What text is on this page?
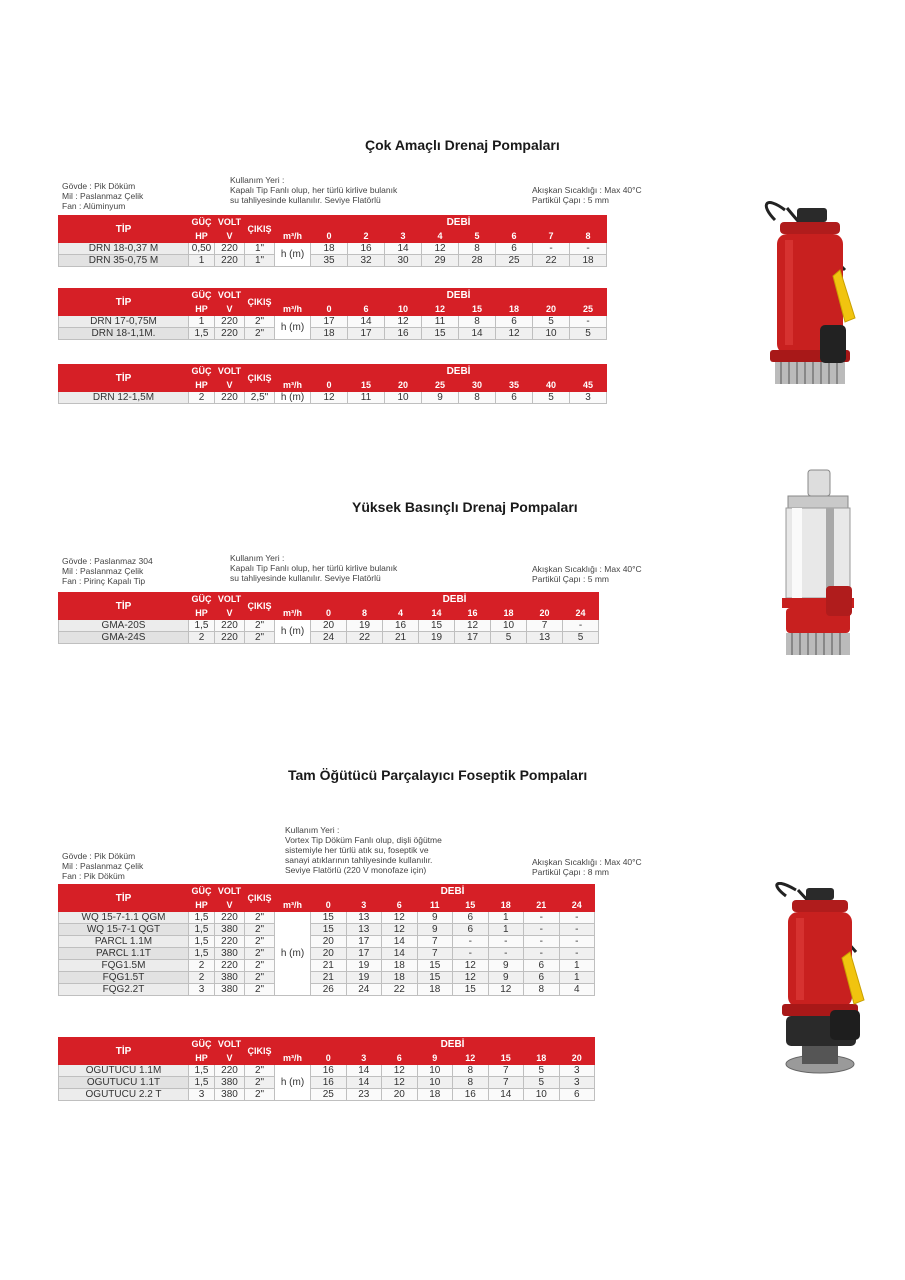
Çok Amaçlı Drenaj Pompaları
Gövde : Pik Döküm
Mil : Paslanmaz Çelik
Fan : Alüminyum
Kullanım Yeri :
Kapalı Tip Fanlı olup, her türlü kirlive bulanık
su tahliyesinde kullanılır. Seviye Flatörlü
Akışkan Sıcaklığı : Max 40°C
Partikül Çapı : 5 mm
TİP	GÜÇ	VOLT	ÇIKIŞ		DEBİ							
	HP	V		m³/h	0	2	3	4	5	6	7	8
DRN 18-0,37 M	0,50	220	1"	h (m)	18	16	14	12	8	6	-	-
DRN 35-0,75 M	1	220	1"		35	32	30	29	28	25	22	18
TİP	GÜÇ	VOLT	ÇIKIŞ		DEBİ							
	HP	V		m³/h	0	6	10	12	15	18	20	25
DRN 17-0,75M	1	220	2"	h (m)	17	14	12	11	8	6	5	-
DRN 18-1,1M.	1,5	220	2"		18	17	16	15	14	12	10	5
TİP	GÜÇ	VOLT	ÇIKIŞ		DEBİ							
	HP	V		m³/h	0	15	20	25	30	35	40	45
DRN 12-1,5M	2	220	2,5"	h (m)	12	11	10	9	8	6	5	3
Yüksek Basınçlı Drenaj Pompaları
Gövde : Paslanmaz 304
Mil : Paslanmaz Çelik
Fan : Pirinç Kapalı Tip
Kullanım Yeri :
Kapalı Tip Fanlı olup, her türlü kirlive bulanık
su tahliyesinde kullanılır. Seviye Flatörlü
Akışkan Sıcaklığı : Max 40°C
Partikül Çapı : 5 mm
TİP	GÜÇ	VOLT	ÇIKIŞ		DEBİ							
	HP	V		m³/h	0	8	4	14	16	18	20	24
GMA-20S	1,5	220	2"	h (m)	20	19	16	15	12	10	7	-
GMA-24S	2	220	2"		24	22	21	19	17	5	13	5
Tam Öğütücü Parçalayıcı Foseptik Pompaları
Gövde : Pik Döküm
Mil : Paslanmaz Çelik
Fan : Pik Döküm
Kullanım Yeri :
Vortex Tip Döküm Fanlı olup, dişli öğütme
sistemiyle her türlü atık su, foseptik ve
sanayi atıklarının tahliyesinde kullanılır.
Seviye Flatörlü (220 V monofaze için)
Akışkan Sıcaklığı : Max 40°C
Partikül Çapı : 8 mm
TİP	GÜÇ	VOLT	ÇIKIŞ		DEBİ							
	HP	V		m³/h	0	3	6	11	15	18	21	24
WQ 15-7-1.1 QGM	1,5	220	2"	h (m)	15	13	12	9	6	1	-	-
WQ 15-7-1 QGT	1,5	380	2"		15	13	12	9	6	1	-	-
PARCL 1.1M	1,5	220	2"		20	17	14	7	-	-	-	-
PARCL 1.1T	1,5	380	2"		20	17	14	7	-	-	-	-
FQG1.5M	2	220	2"		21	19	18	15	12	9	6	1
FQG1.5T	2	380	2"		21	19	18	15	12	9	6	1
FQG2.2T	3	380	2"		26	24	22	18	15	12	8	4
TİP	GÜÇ	VOLT	ÇIKIŞ		DEBİ							
	HP	V		m³/h	0	3	6	9	12	15	18	20
OGUTUCU 1.1M	1,5	220	2"	h (m)	16	14	12	10	8	7	5	3
OGUTUCU 1.1T	1,5	380	2"		16	14	12	10	8	7	5	3
OGUTUCU 2.2 T	3	380	2"		25	23	20	18	16	14	10	6
